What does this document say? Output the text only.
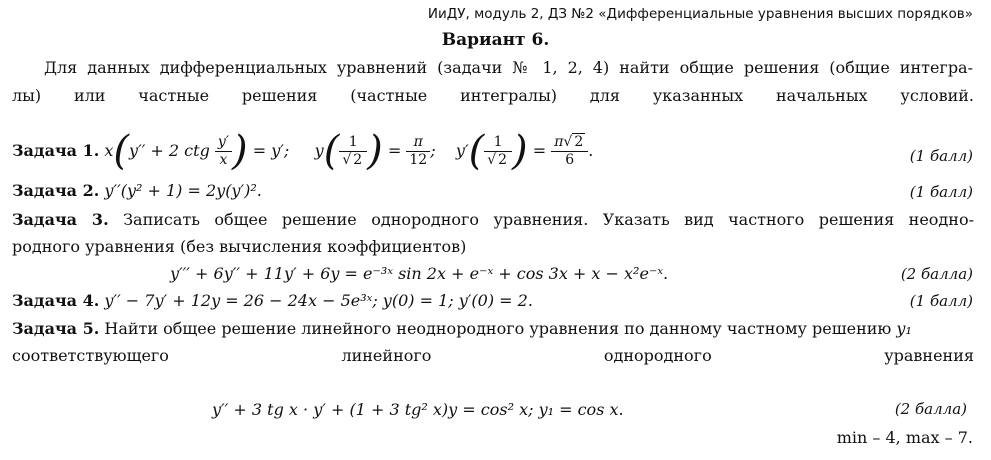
ИиДУ, модуль 2, ДЗ №2 «Дифференциальные уравнения высших порядков»
Вариант 6.
Для данных дифференциальных уравнений (задачи № 1, 2, 4) найти общие решения (общие интегра-
лы) или частные решения (частные интегралы) для указанных начальных условий.
Задача 1. x(y′′ + 2 ctg $\frac{y'}{x}$ ) = y′;     $y( \frac{1}{√ 2}$ ) = $\frac{\pi}{12}$ ;    $y'( \frac{1}{√ 2}$ ) = $\frac{\pi√ 2}{6}$ .	(1 балл)
Задача 2. y′′(y² + 1) = 2y(y′)².	(1 балл)
Задача 3. Записать общее решение однородного уравнения. Указать вид частного решения неодно-
родного уравнения (без вычисления коэффициентов)
y′′′ + 6y′′ + 11y′ + 6y = e⁻³ˣ sin 2x + e⁻ˣ + cos 3x + x − x²e⁻ˣ.	(2 балла)
Задача 4. y′′ − 7y′ + 12y = 26 − 24x − 5e³ˣ; y(0) = 1; y′(0) = 2.	(1 балл)
Задача 5. Найти общее решение линейного неоднородного уравнения по данному частному решению y₁
соответствующего	линейного	однородного	уравнения
y′′ + 3 tg x · y′ + (1 + 3 tg² x)y = cos² x; y₁ = cos x.	(2 балла)
min – 4, max – 7.
